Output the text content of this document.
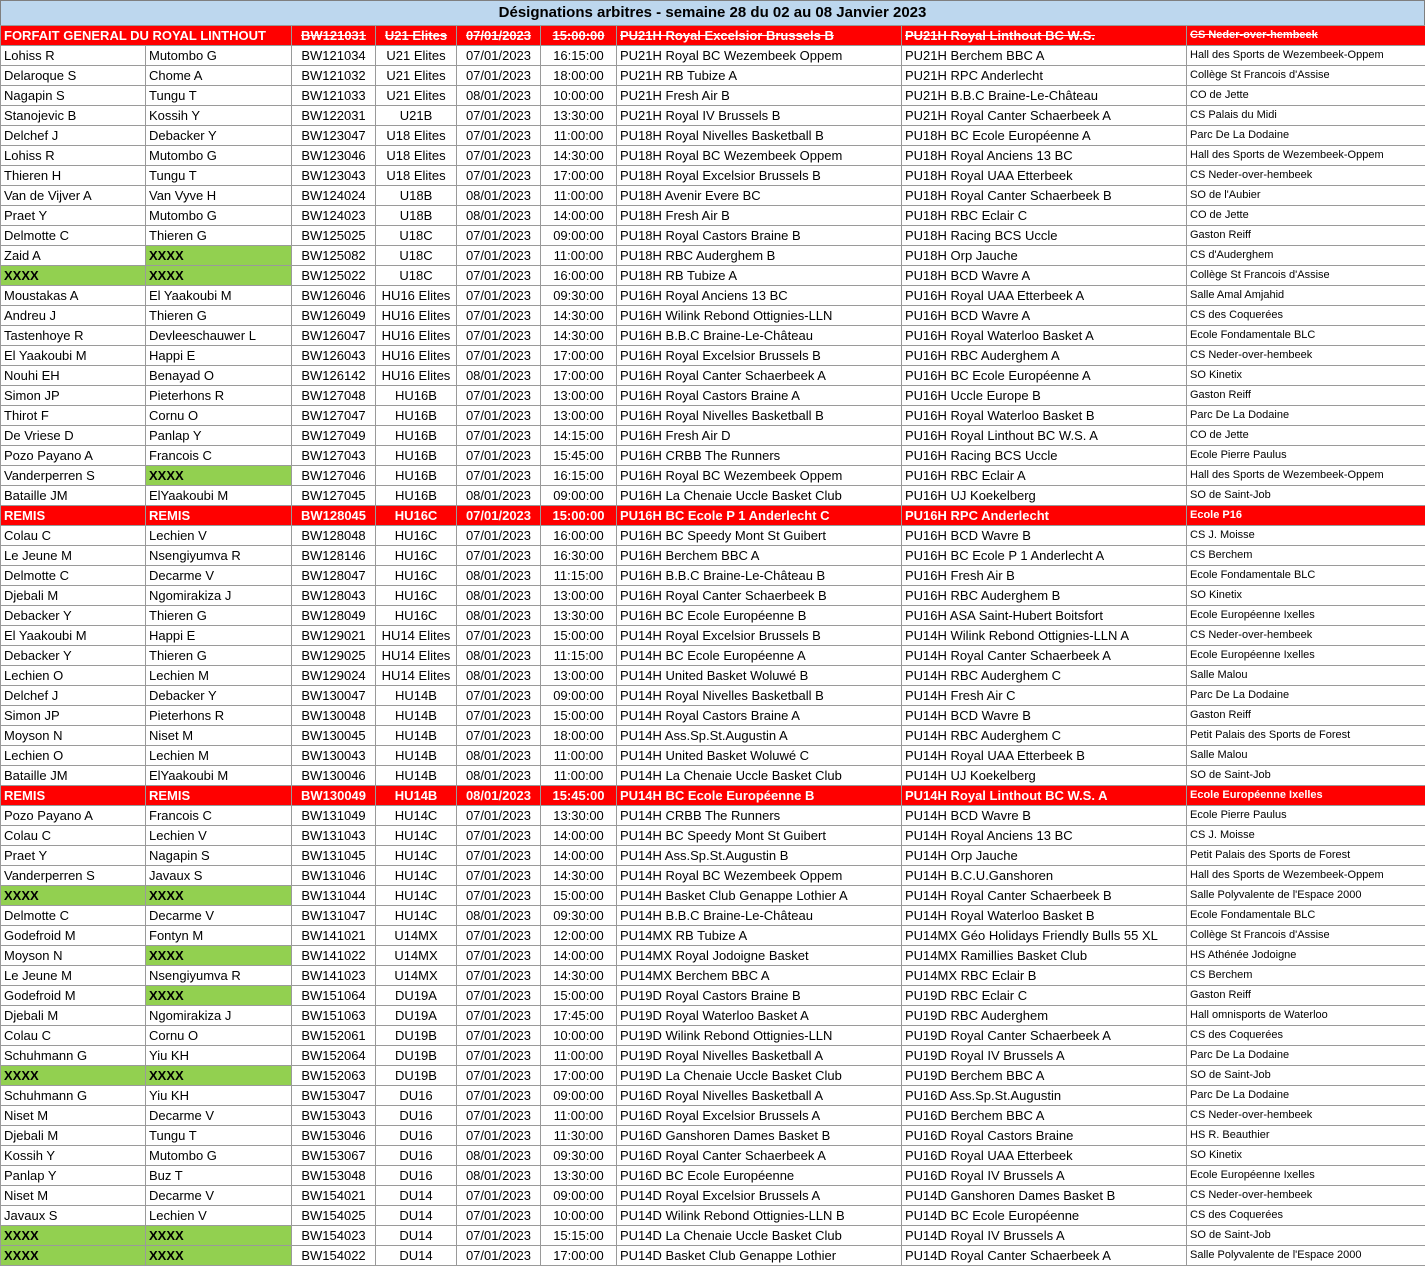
Désignations arbitres - semaine 28 du 02 au 08 Janvier 2023
FORFAIT GENERAL DU ROYAL LINTHOUT		BW121031	U21 Elites	07/01/2023	15:00:00	PU21H Royal Excelsior Brussels B	PU21H Royal Linthout BC W.S.	CS Neder-over-hembeek
Lohiss R	Mutombo G	BW121034	U21 Elites	07/01/2023	16:15:00	PU21H Royal BC Wezembeek Oppem	PU21H Berchem BBC A	Hall des Sports de Wezembeek-Oppem
Delaroque S	Chome A	BW121032	U21 Elites	07/01/2023	18:00:00	PU21H RB Tubize A	PU21H RPC Anderlecht	Collège St Francois d'Assise
Nagapin S	Tungu T	BW121033	U21 Elites	08/01/2023	10:00:00	PU21H Fresh Air B	PU21H B.B.C Braine-Le-Château	CO de Jette
Stanojevic B	Kossih Y	BW122031	U21B	07/01/2023	13:30:00	PU21H Royal IV Brussels B	PU21H Royal Canter Schaerbeek A	CS Palais du Midi
Delchef J	Debacker Y	BW123047	U18 Elites	07/01/2023	11:00:00	PU18H Royal Nivelles Basketball B	PU18H BC Ecole Européenne A	Parc De La Dodaine
Lohiss R	Mutombo G	BW123046	U18 Elites	07/01/2023	14:30:00	PU18H Royal BC Wezembeek Oppem	PU18H Royal Anciens 13 BC	Hall des Sports de Wezembeek-Oppem
Thieren H	Tungu T	BW123043	U18 Elites	07/01/2023	17:00:00	PU18H Royal Excelsior Brussels B	PU18H Royal UAA Etterbeek	CS Neder-over-hembeek
Van de Vijver A	Van Vyve H	BW124024	U18B	08/01/2023	11:00:00	PU18H Avenir Evere BC	PU18H Royal Canter Schaerbeek B	SO de l'Aubier
Praet Y	Mutombo G	BW124023	U18B	08/01/2023	14:00:00	PU18H Fresh Air B	PU18H RBC Eclair C	CO de Jette
Delmotte C	Thieren G	BW125025	U18C	07/01/2023	09:00:00	PU18H Royal Castors Braine B	PU18H Racing BCS Uccle	Gaston Reiff
Zaid A	XXXX	BW125082	U18C	07/01/2023	11:00:00	PU18H RBC Auderghem B	PU18H Orp Jauche	CS d'Auderghem
XXXX	XXXX	BW125022	U18C	07/01/2023	16:00:00	PU18H RB Tubize A	PU18H BCD Wavre A	Collège St Francois d'Assise
Moustakas A	El Yaakoubi M	BW126046	HU16 Elites	07/01/2023	09:30:00	PU16H Royal Anciens 13 BC	PU16H Royal UAA Etterbeek A	Salle Amal Amjahid
Andreu J	Thieren G	BW126049	HU16 Elites	07/01/2023	14:30:00	PU16H Wilink Rebond Ottignies-LLN	PU16H BCD Wavre A	CS des Coquerées
Tastenhoye R	Devleeschauwer L	BW126047	HU16 Elites	07/01/2023	14:30:00	PU16H B.B.C Braine-Le-Château	PU16H Royal Waterloo Basket A	Ecole Fondamentale BLC
El Yaakoubi M	Happi E	BW126043	HU16 Elites	07/01/2023	17:00:00	PU16H Royal Excelsior Brussels B	PU16H RBC Auderghem A	CS Neder-over-hembeek
Nouhi EH	Benayad O	BW126142	HU16 Elites	08/01/2023	17:00:00	PU16H Royal Canter Schaerbeek A	PU16H BC Ecole Européenne A	SO Kinetix
Simon JP	Pieterhons R	BW127048	HU16B	07/01/2023	13:00:00	PU16H Royal Castors Braine A	PU16H Uccle Europe B	Gaston Reiff
Thirot F	Cornu O	BW127047	HU16B	07/01/2023	13:00:00	PU16H Royal Nivelles Basketball B	PU16H Royal Waterloo Basket B	Parc De La Dodaine
De Vriese D	Panlap Y	BW127049	HU16B	07/01/2023	14:15:00	PU16H Fresh Air D	PU16H Royal Linthout BC W.S. A	CO de Jette
Pozo Payano A	Francois C	BW127043	HU16B	07/01/2023	15:45:00	PU16H CRBB The Runners	PU16H Racing BCS Uccle	Ecole Pierre Paulus
Vanderperren S	XXXX	BW127046	HU16B	07/01/2023	16:15:00	PU16H Royal BC Wezembeek Oppem	PU16H RBC Eclair A	Hall des Sports de Wezembeek-Oppem
Bataille JM	ElYaakoubi M	BW127045	HU16B	08/01/2023	09:00:00	PU16H La Chenaie Uccle Basket Club	PU16H UJ Koekelberg	SO de Saint-Job
REMIS	REMIS	BW128045	HU16C	07/01/2023	15:00:00	PU16H BC Ecole P 1 Anderlecht C	PU16H RPC Anderlecht	Ecole P16
Colau C	Lechien V	BW128048	HU16C	07/01/2023	16:00:00	PU16H BC Speedy Mont St Guibert	PU16H BCD Wavre B	CS J. Moisse
Le Jeune M	Nsengiyumva R	BW128146	HU16C	07/01/2023	16:30:00	PU16H Berchem BBC A	PU16H BC Ecole P 1 Anderlecht A	CS Berchem
Delmotte C	Decarme V	BW128047	HU16C	08/01/2023	11:15:00	PU16H B.B.C Braine-Le-Château B	PU16H Fresh Air B	Ecole Fondamentale BLC
Djebali M	Ngomirakiza J	BW128043	HU16C	08/01/2023	13:00:00	PU16H Royal Canter Schaerbeek B	PU16H RBC Auderghem B	SO Kinetix
Debacker Y	Thieren G	BW128049	HU16C	08/01/2023	13:30:00	PU16H BC Ecole Européenne B	PU16H ASA Saint-Hubert Boitsfort	Ecole Européenne Ixelles
El Yaakoubi M	Happi E	BW129021	HU14 Elites	07/01/2023	15:00:00	PU14H Royal Excelsior Brussels B	PU14H Wilink Rebond Ottignies-LLN A	CS Neder-over-hembeek
Debacker Y	Thieren G	BW129025	HU14 Elites	08/01/2023	11:15:00	PU14H BC Ecole Européenne A	PU14H Royal Canter Schaerbeek A	Ecole Européenne Ixelles
Lechien O	Lechien M	BW129024	HU14 Elites	08/01/2023	13:00:00	PU14H United Basket Woluwé B	PU14H RBC Auderghem C	Salle Malou
Delchef J	Debacker Y	BW130047	HU14B	07/01/2023	09:00:00	PU14H Royal Nivelles Basketball B	PU14H Fresh Air C	Parc De La Dodaine
Simon JP	Pieterhons R	BW130048	HU14B	07/01/2023	15:00:00	PU14H Royal Castors Braine A	PU14H BCD Wavre B	Gaston Reiff
Moyson N	Niset M	BW130045	HU14B	07/01/2023	18:00:00	PU14H Ass.Sp.St.Augustin A	PU14H RBC Auderghem C	Petit Palais des Sports de Forest
Lechien O	Lechien M	BW130043	HU14B	08/01/2023	11:00:00	PU14H United Basket Woluwé C	PU14H Royal UAA Etterbeek B	Salle Malou
Bataille JM	ElYaakoubi M	BW130046	HU14B	08/01/2023	11:00:00	PU14H La Chenaie Uccle Basket Club	PU14H UJ Koekelberg	SO de Saint-Job
REMIS	REMIS	BW130049	HU14B	08/01/2023	15:45:00	PU14H BC Ecole Européenne B	PU14H Royal Linthout BC W.S. A	Ecole Européenne Ixelles
Pozo Payano A	Francois C	BW131049	HU14C	07/01/2023	13:30:00	PU14H CRBB The Runners	PU14H BCD Wavre B	Ecole Pierre Paulus
Colau C	Lechien V	BW131043	HU14C	07/01/2023	14:00:00	PU14H BC Speedy Mont St Guibert	PU14H Royal Anciens 13 BC	CS J. Moisse
Praet Y	Nagapin S	BW131045	HU14C	07/01/2023	14:00:00	PU14H Ass.Sp.St.Augustin B	PU14H Orp Jauche	Petit Palais des Sports de Forest
Vanderperren S	Javaux S	BW131046	HU14C	07/01/2023	14:30:00	PU14H Royal BC Wezembeek Oppem	PU14H B.C.U.Ganshoren	Hall des Sports de Wezembeek-Oppem
XXXX	XXXX	BW131044	HU14C	07/01/2023	15:00:00	PU14H Basket Club Genappe Lothier A	PU14H Royal Canter Schaerbeek B	Salle Polyvalente de l'Espace 2000
Delmotte C	Decarme V	BW131047	HU14C	08/01/2023	09:30:00	PU14H B.B.C Braine-Le-Château	PU14H Royal Waterloo Basket B	Ecole Fondamentale BLC
Godefroid M	Fontyn M	BW141021	U14MX	07/01/2023	12:00:00	PU14MX RB Tubize A	PU14MX Géo Holidays Friendly Bulls 55 XL	Collège St Francois d'Assise
Moyson N	XXXX	BW141022	U14MX	07/01/2023	14:00:00	PU14MX Royal Jodoigne Basket	PU14MX Ramillies Basket Club	HS Athénée Jodoigne
Le Jeune M	Nsengiyumva R	BW141023	U14MX	07/01/2023	14:30:00	PU14MX Berchem BBC A	PU14MX RBC Eclair B	CS Berchem
Godefroid M	XXXX	BW151064	DU19A	07/01/2023	15:00:00	PU19D Royal Castors Braine B	PU19D RBC Eclair C	Gaston Reiff
Djebali M	Ngomirakiza J	BW151063	DU19A	07/01/2023	17:45:00	PU19D Royal Waterloo Basket A	PU19D RBC Auderghem	Hall omnisports de Waterloo
Colau C	Cornu O	BW152061	DU19B	07/01/2023	10:00:00	PU19D Wilink Rebond Ottignies-LLN	PU19D Royal Canter Schaerbeek A	CS des Coquerées
Schuhmann G	Yiu KH	BW152064	DU19B	07/01/2023	11:00:00	PU19D Royal Nivelles Basketball A	PU19D Royal IV Brussels A	Parc De La Dodaine
XXXX	XXXX	BW152063	DU19B	07/01/2023	17:00:00	PU19D La Chenaie Uccle Basket Club	PU19D Berchem BBC A	SO de Saint-Job
Schuhmann G	Yiu KH	BW153047	DU16	07/01/2023	09:00:00	PU16D Royal Nivelles Basketball A	PU16D Ass.Sp.St.Augustin	Parc De La Dodaine
Niset M	Decarme V	BW153043	DU16	07/01/2023	11:00:00	PU16D Royal Excelsior Brussels A	PU16D Berchem BBC A	CS Neder-over-hembeek
Djebali M	Tungu T	BW153046	DU16	07/01/2023	11:30:00	PU16D Ganshoren Dames Basket B	PU16D Royal Castors Braine	HS R. Beauthier
Kossih Y	Mutombo G	BW153067	DU16	08/01/2023	09:30:00	PU16D Royal Canter Schaerbeek A	PU16D Royal UAA Etterbeek	SO Kinetix
Panlap Y	Buz T	BW153048	DU16	08/01/2023	13:30:00	PU16D BC Ecole Européenne	PU16D Royal IV Brussels A	Ecole Européenne Ixelles
Niset M	Decarme V	BW154021	DU14	07/01/2023	09:00:00	PU14D Royal Excelsior Brussels A	PU14D Ganshoren Dames Basket B	CS Neder-over-hembeek
Javaux S	Lechien V	BW154025	DU14	07/01/2023	10:00:00	PU14D Wilink Rebond Ottignies-LLN B	PU14D BC Ecole Européenne	CS des Coquerées
XXXX	XXXX	BW154023	DU14	07/01/2023	15:15:00	PU14D La Chenaie Uccle Basket Club	PU14D Royal IV Brussels A	SO de Saint-Job
XXXX	XXXX	BW154022	DU14	07/01/2023	17:00:00	PU14D Basket Club Genappe Lothier	PU14D Royal Canter Schaerbeek A	Salle Polyvalente de l'Espace 2000
